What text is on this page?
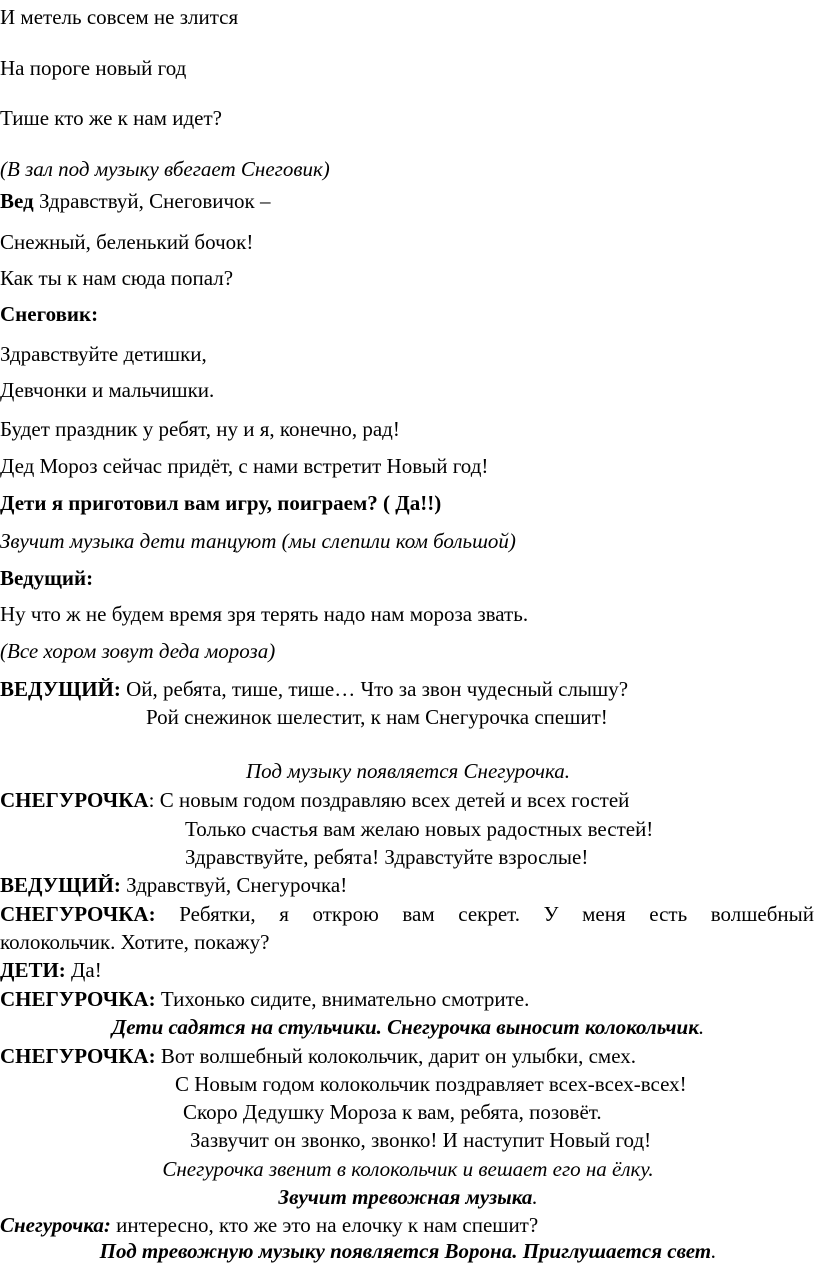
И метель совсем не злится

На пороге новый год

Тише кто же к нам идет?

(В зал под музыку вбегает Снеговик)

Вед Здравствуй, Снеговичок –

Снежный, беленький бочок!

Как ты к нам сюда попал?

Снеговик:

Здравствуйте детишки,

Девчонки и мальчишки.

Будет праздник у ребят, ну и я, конечно, рад!

Дед Мороз сейчас придёт, с нами встретит Новый год!

Дети я приготовил вам игру, поиграем? ( Да!!)

Звучит музыка дети танцуют (мы слепили ком большой)

Ведущий:

Ну что ж не будем время зря терять надо нам мороза звать.

(Все хором зовут деда мороза)

ВЕДУЩИЙ: Ой, ребята, тише, тише… Что за звон чудесный слышу?

Рой снежинок шелестит, к нам Снегурочка спешит!

Под музыку появляется Снегурочка.

СНЕГУРОЧКА: С новым годом поздравляю всех детей и всех гостей

Только счастья вам желаю новых радостных вестей!

Здравствуйте, ребята! Здравстуйте взрослые!

ВЕДУЩИЙ: Здравствуй, Снегурочка!

СНЕГУРОЧКА: Ребятки, я открою вам секрет. У меня есть волшебный

колокольчик. Хотите, покажу?

ДЕТИ: Да!

СНЕГУРОЧКА: Тихонько сидите, внимательно смотрите.

Дети садятся на стульчики. Снегурочка выносит колокольчик.

СНЕГУРОЧКА: Вот волшебный колокольчик, дарит он улыбки, смех.

С Новым годом колокольчик поздравляет всех-всех-всех!

Скоро Дедушку Мороза к вам, ребята, позовёт.

Зазвучит он звонко, звонко! И наступит Новый год!

Снегурочка звенит в колокольчик и вешает его на ёлку.

Звучит тревожная музыка.

Снегурочка: интересно, кто же это на елочку к нам спешит?

Под тревожную музыку появляется Ворона. Приглушается свет.
